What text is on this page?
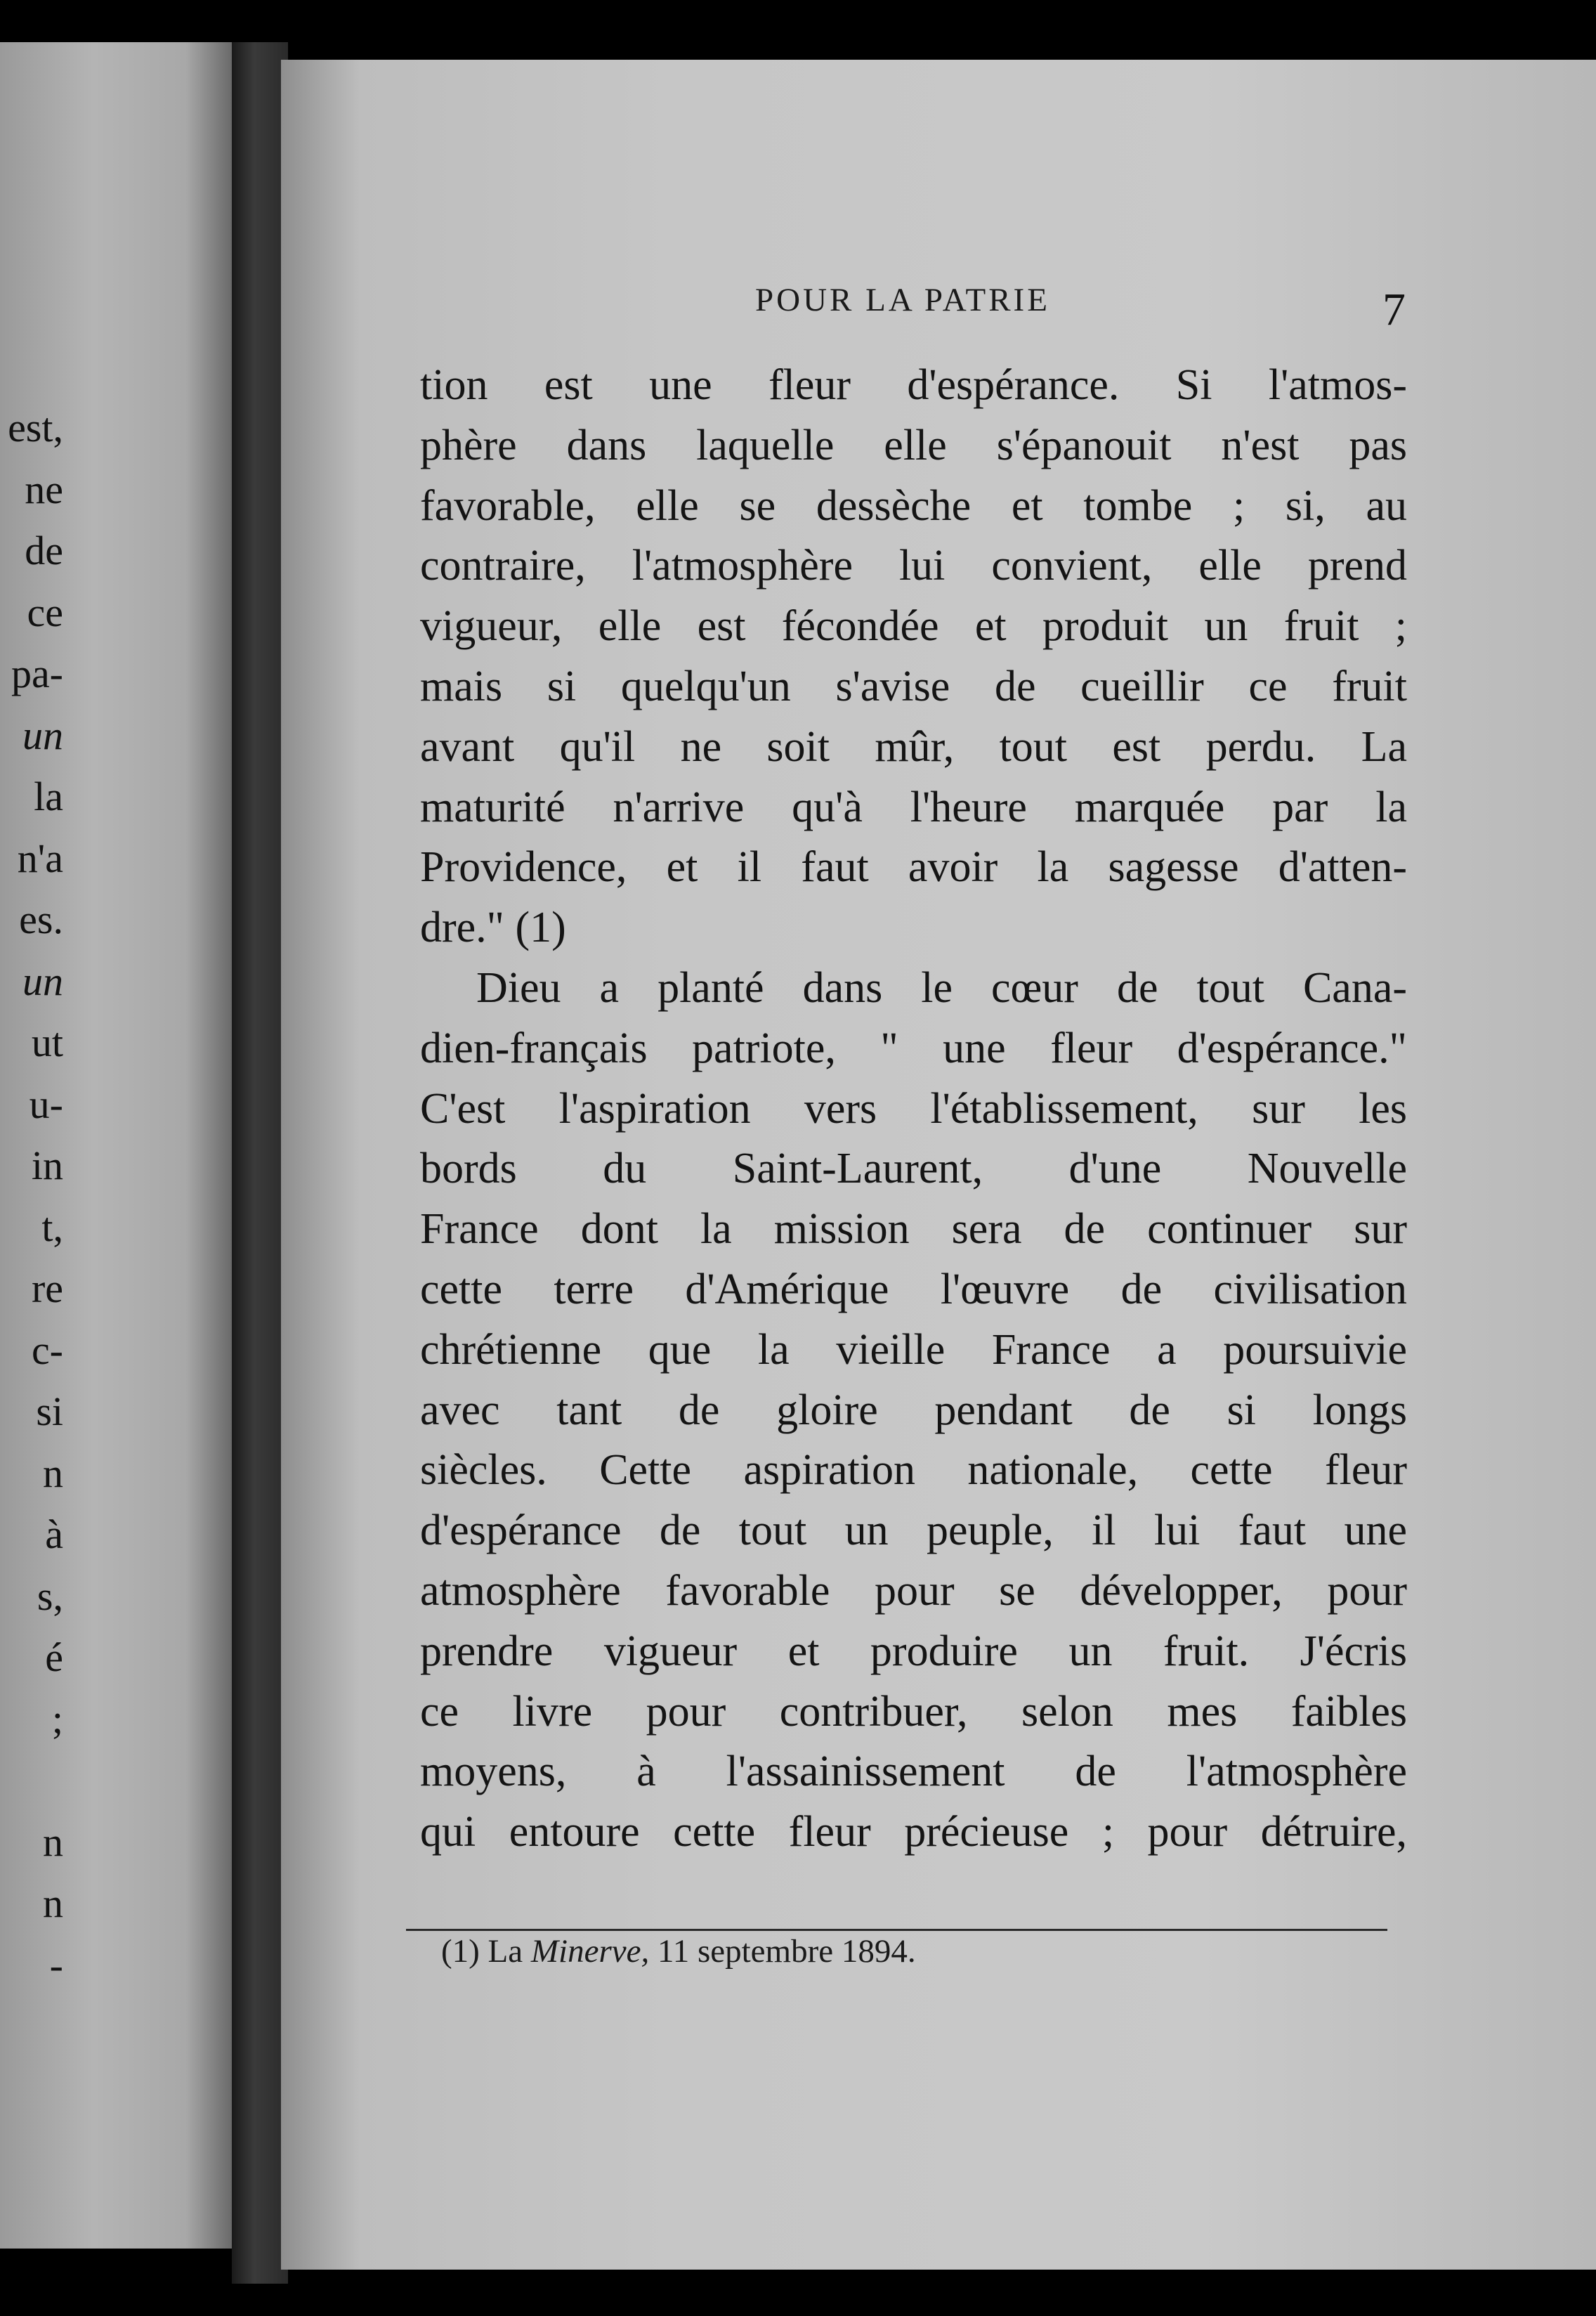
est,
ne
de
ce
pa-
un
la
n'a
es.
un
ut
u-
in
t,
re
c-
si
n
à
s,
é
;
n
n
-
POUR LA PATRIE	7
tion est une fleur d'espérance. Si l'atmos-
phère dans laquelle elle s'épanouit n'est pas
favorable, elle se dessèche et tombe ; si, au
contraire, l'atmosphère lui convient, elle prend
vigueur, elle est fécondée et produit un fruit ;
mais si quelqu'un s'avise de cueillir ce fruit
avant qu'il ne soit mûr, tout est perdu. La
maturité n'arrive qu'à l'heure marquée par la
Providence, et il faut avoir la sagesse d'atten-
dre." (1)
Dieu a planté dans le cœur de tout Cana-
dien-français patriote, " une fleur d'espérance."
C'est l'aspiration vers l'établissement, sur les
bords du Saint-Laurent, d'une Nouvelle
France dont la mission sera de continuer sur
cette terre d'Amérique l'œuvre de civilisation
chrétienne que la vieille France a poursuivie
avec tant de gloire pendant de si longs
siècles. Cette aspiration nationale, cette fleur
d'espérance de tout un peuple, il lui faut une
atmosphère favorable pour se développer, pour
prendre vigueur et produire un fruit. J'écris
ce livre pour contribuer, selon mes faibles
moyens, à l'assainissement de l'atmosphère
qui entoure cette fleur précieuse ; pour détruire,
(1) La Minerve, 11 septembre 1894.
